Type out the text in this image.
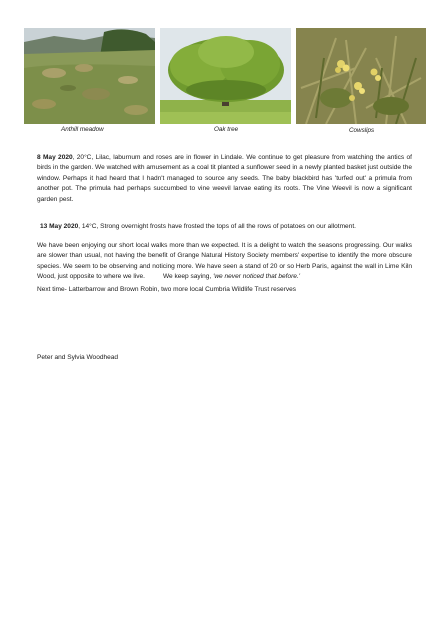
Anthill meadow	Oak tree	Cowslips

8 May 2020, 20°C, Lilac, laburnum and roses are in flower in Lindale. We continue to get pleasure from watching the antics of birds in the garden. We watched with amusement as a coal tit planted a sunflower seed in a newly planted basket just outside the window. Perhaps it had heard that I hadn't managed to source any seeds. The baby blackbird has 'turfed out' a primula from another pot. The primula had perhaps succumbed to vine weevil larvae eating its roots. The Vine Weevil is now a significant garden pest.

13 May 2020, 14°C, Strong overnight frosts have frosted the tops of all the rows of potatoes on our allotment.

We have been enjoying our short local walks more than we expected. It is a delight to watch the seasons progressing. Our walks are slower than usual, not having the benefit of Grange Natural History Society members' expertise to identify the more obscure species. We seem to be observing and noticing more. We have seen a stand of 20 or so Herb Paris, against the wall in Lime Kiln Wood, just opposite to where we live.	We keep saying, 'we never noticed that before.'

Next time- Latterbarrow and Brown Robin, two more local Cumbria Wildlife Trust reserves

Peter and Sylvia Woodhead
